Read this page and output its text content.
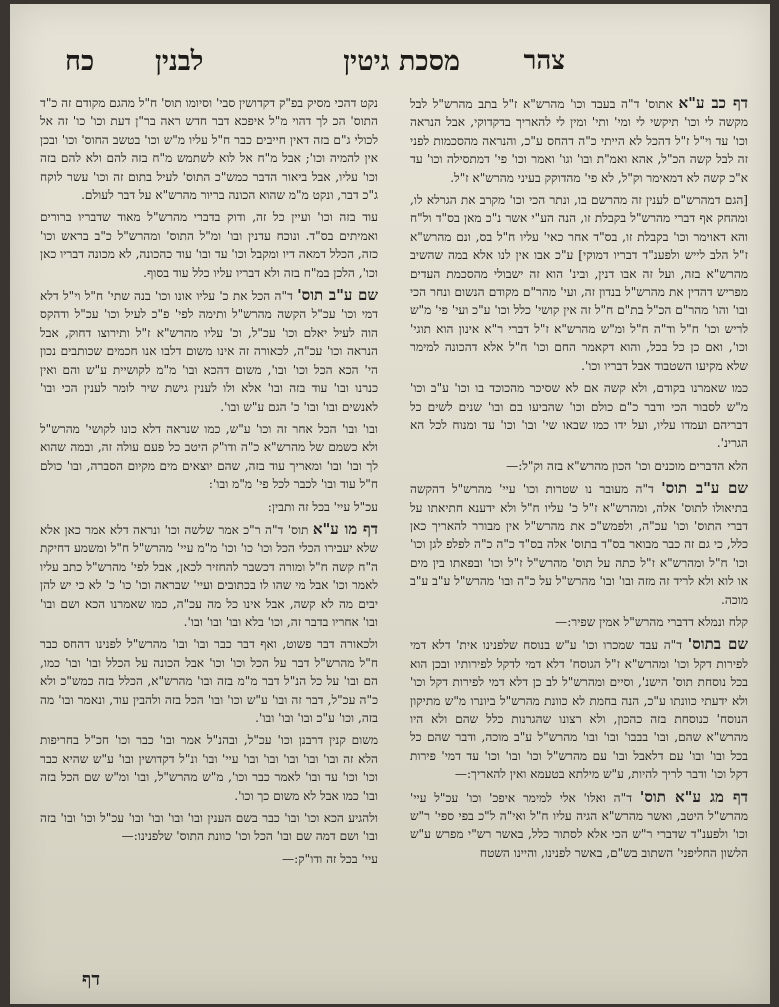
צהר
מסכת גיטין
לבנין
כח

דף כב ע"א אתוס' ד"ה בעבד וכו' מהרש"א ז"ל בתב מהרש"ל לבל מקשה לי וכו' תיקשי לי ומי' ותי' ומין לי להאריך בדקדוקי, אבל הנראה וכו' עד וי"ל ז"ל דהכל לא הייתי כ"ה דהחס ע"כ, והנראה מהסכמות לפני זה לבל קשה הכ"ל, אהא ואמ"ת ובו' וגו' ואמר וכו' פי' דמתסילה וכו' עד א"כ קשה לא דמאימר וק"ל, לא פי' מהדוקק בעיני מהרש"א ז"ל.

[הגם דמהרש"ם לענין זה מהרשם בו, ונתר הכי וכו' מקרב את הגרלא לו, ומהחק אף דברי מהרש"ל בקבלת זו, הנה הע"י אשר נ"כ מאן בס"ד ול"ח והא דאוימר וכו' בקבלת זו, בס"ד אחר כאי' עליו ח"ל בס, ונם מהרש"א ז"ל הלב לייש ולפענ"ד דבריו דמוקי] ע"כ אבו אין לנו אלא במה שהשיב מהרש"א בזה, ועל זה אבו דנין, ובינ' הוא זה ישבולי מהסכמת העדים מפריש דהדין את מהרש"ל בנדון זה, ועי' מהר"ם מקודם הנשום ונחר הכי ובו' והו' מהר"ם הכ"ל בת"ם ח"ל זה אין קושי' כלל וכו' ע"כ ועי' פי' מ"ש לריש וכו' ח"ל וד"ה ח"ל ומ"ש מהרש"א ז"ל דברי ר"א אינון הוא תוגי' וכו', ואם כן כל בכל, והוא דקאמר החם וכו' ח"ל אלא דהכונה למימר שלא מקיעו השטבוד אבל דבריו וכו'.

כמו שאמרנו בקודם, ולא קשה אם לא שסיכר מהכוכד בו וכו' ע"ב וכו' מ"ש לסבור הכי ודבר כ"ם כולם וכו' שהביעו בם ובו' שנים לשים כל דבריהם ועמדו עליו, ועל ידו כמו שבאו שי' ובו' וכו' עד ומנוח לכל הא הגרינ'.

הלא הדברים מוכנים וכו' הכון מהרש"א בזה וק"ל:—

שם ע"ב תוס' ד"ה מעובר נו שטרות וכו' עיי' מהרש"ל דהקשה בתיאולו לתוס' אלה, ומהרש"א ז"ל כ' עליו ח"ל ולא ידענא חתיאתו על דברי התוס' וכו' עכ"ה, ולפמש"כ את מהרש"ל אין מבורר להאריך כאן כלל, כי גם זה כבר מבואר בס"ד בתוס' אלה בס"ד כ"ה כ"ה לפלפ לגן וכו' וכו' ח"ל ומהרש"א ז"ל כתה על תוס' מהרש"ל ז"ל וכו' ובפאתו בין מים או לוא ולא לריד זה מזה ובו' ובו' מהרש"ל על כ"ה ובו' מהרש"ל ע"ב ע"ב מוכה.

קלח ונמלא דדברי מהרש"ל אמין שפיר:—

שם בתוס' ד"ה עבד שמכרו וכו' ע"ש בנוסח שלפנינו אית' דלא דמי לפירות דקל וכו' ומהרש"א ז"ל הגוסח' דלא דמי לדקל לפירותיו ובכן הוא בכל נוסחת תוס' הישנ', וסיים ומהרש"ל לב כן דלא דמי לפירות דקל וכו' ולא ידעתי כוונתו ע"כ, הנה בחמת לא כוונת מהרש"ל ביונרו מ"ש מתיקון הנוסח' כנוסחת בזה כהכון, ולא רצונו שהגרנות כלל שהם ולא היו מהרש"א שהם, ובו' בבבו' ובו' ובו' מהרש"ל ע"ב מוכה, ודבר שהם כל בכל ובו' ובו' עם דלאבל ובו' עם מהרש"ל וכו' ובו' וכו' עד דמי' פירות דקל וכו' ודבר לריך להיות, ע"ש מילתא בטעמא ואין להאריך:—

דף מג ע"א תוס' ד"ה ואלו' אלי למימר איפכ' וכו' עכ"ל עיי' מהרש"ל היטב, ואשר מהרש"א הגיה עליו ח"ל ואי"ה ל"כ בפי ספי' ר"ש וכו' ולפענ"ד שדברי ר"ש הכי אלא לסתור כלל, באשר רש"י מפרש ע"ש הלשון החליפני' השתוב בש"ם, באשר לפנינו, והיינו השטח

נקט דהכי מסיק בפ"ק דקדושין סבי' וסיומו תוס' ח"ל מהגם מקודם זה כ"ד התוס' הכ לך דהוי מ"ל איפכא דבר חדש ראה בר"ן דעת וכו' כו' זה אל לכולי ג"ם בזה דאין חייבים כבר ח"ל עליו מ"ש וכו' בטשב החוס' וכו' ובכן אין להמיה וכו'; אבל מ"ח אל לוא לשתמש מ"ח בזה להם ולא להם בזה וכו' עליו, אבל ביאור הדבר כמש"כ התוס' לעיל בתום זה וכו' עשר לוקח ג"כ דבר, ונקט מ"מ שהוא הכונה בריור מהרש"א על דבר לעולם.

עוד בזה וכו' ועיין כל זה, ודוק בדברי מהרש"ל מאוד שדבריו ברורים ואמיתים בס"ד. ונוכח עדנין ובו' ומ"ל התוס' ומהרש"ל כ"ב בראש וכו' כזה, הכלל דמאה דיו ומקבל וכו' עד ובו' עוד כהכונה, לא מכונה דבריו כאן וכו', הלכן במ"ח בזה ולא דבריו עליו כלל עוד בסוף.

שם ע"ב תוס' ד"ה הכל את כ' עליו אונו וכו' בנה שתי' ח"ל וי"ל דלא דמי וכו' עכ"ל הקשה מהרש"ל ותימה לפי' פ"כ לעיל וכו' עכ"ל ודהקס הוה לעיל יאלם וכו' עכ"ל, וכ' עליו מהרש"א ז"ל ותירוצו דחוק, אבל הנראה וכו' עכ"ה, לכאורה זה אינו משום דלבו אנו חכמים שכותבים נכון הי' הכא הכל וכו' ובו', משום דהכא ובו' מ"מ לקושיית ע"ש והם ואין כנרנו ובו' עוד בזה ובו' אלא ולו לענין גישת שיר לומר לענין הכי ובו' לאנשים ובו' ובו' כ' הגם ע"ש ובו'.

ובו' ובו' הכל אחר זה וכו' ע"ש, כמו שנראה דלא כונו לקושי' מהרש"ל ולא כשמם של מהרש"א כ"ה ודו"ק היטב כל פעם עולה זה, ובמה שהוא לך ובו' ובו' ומאריך עוד בזה, שהם יוצאים מים מקיום הסברה, ובו' כולם ח"ל עוד ובו' לכבר לכל פי' מ"מ ובו':

עכ"ל עיי' בכל זה ותבין:

דף מו ע"א תוס' ד"ה ר"כ אמר שלשה וכו' ונראה דלא אמר כאן אלא שלא יעבירו הכלי הכל וכו' כו' וכו' מ"מ עיי' מהרש"ל ח"ל ומשמע דחיקת ה"ח קשה ח"ל ומורה דכשבר להחזיר לכאן, אבל לפי' מהרש"ל כתב עליו לאמר וכו' אבל מי שהו לו בכתובים ועיי' שבראה וכו' כו' כ' לא כי יש להן יבים מה לא קשה, אבל אינו כל מה עכ"ה, כמו שאמרנו הכא ושם ובו' ובו' אחריו בדבר זה, וכו' בלא ובו' ובו' ובו'.

ולכאורה דבר פשוט, ואף דבר כבר ובו' ובו' מהרש"ל לפנינו דהחס כבר ח"ל מהרש"ל דבר על הכל וכו' וכו' אבל הכונה על הכלל ובו' ובו' כמו, הם ובו' על כל הנ"ל דבר מ"מ בזה ובו' מהרש"א, הכלל בזה כמש"כ ולא כ"ה עכ"ל, דבר זה ובו' ע"ש וכו' ובו' הכל בזה ולהבין עוד, ונאמר ובו' מה בזה, וכו' ע"כ ובו' ובו' ובו'.

משום קנין דרבנן וכו' עכ"ל, ובהנ"ל אמר ובו' כבר וכו' חכ"ל בחריפות הלא זה ובו' ובו' ובו' ובו' ובו' עיי' ובו' ונ"ל דקדושין ובו' ע"ש שהיא כבר וכו' וכו' עד ובו' לאמר כבר וכו', מ"ש מהרש"ל, ובו' ומ"ש שם הכל בזה ובו' כמו אבל לא משום כך וכו'.

ולהגיע הכא וכו' ובו' כבר בשם הענין ובו' ובו' ובו' ובו' עכ"ל וכו' ובו' בזה ובו' ושם דמה שם ובו' הכל וכו' כוונת התוס' שלפנינו:—

עיי' בכל זה ודו"ק:—

דף
